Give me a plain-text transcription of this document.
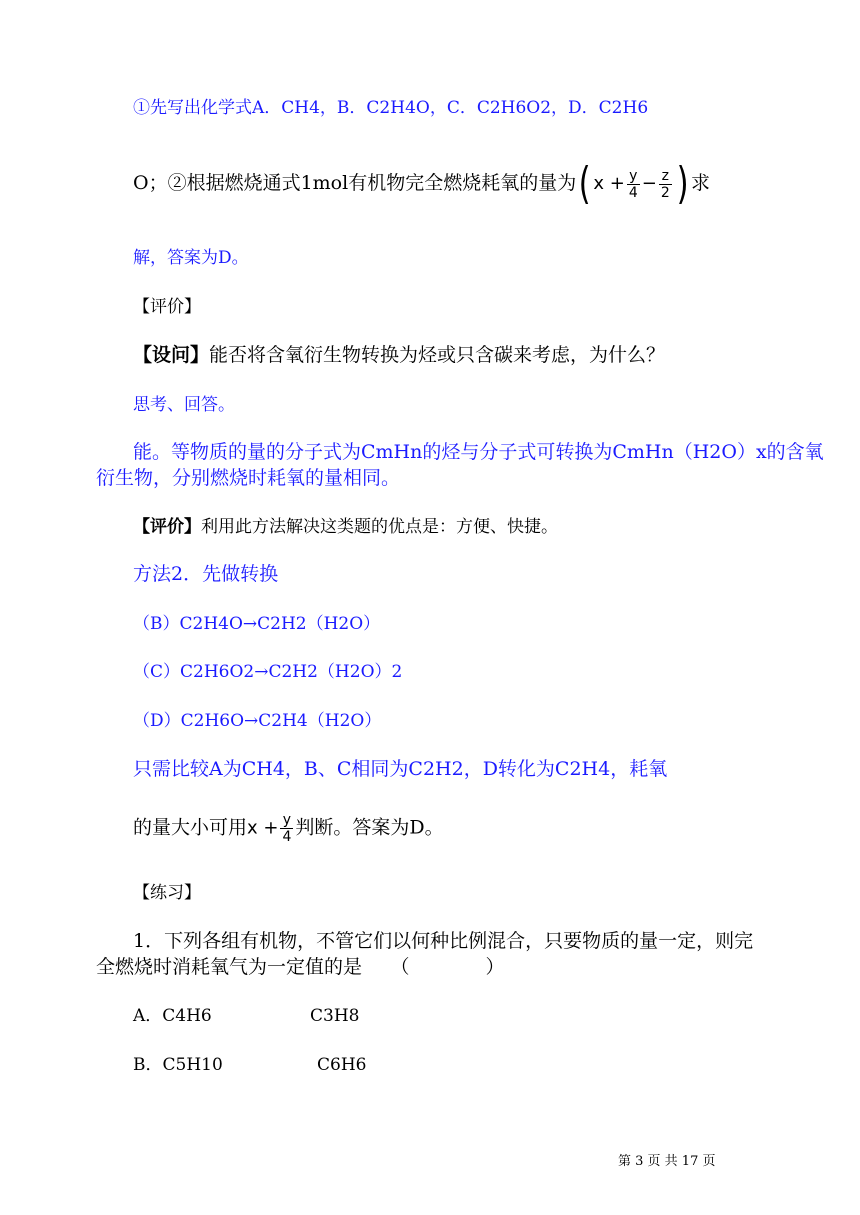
①先写出化学式A．CH4，B．C2H4O，C．C2H6O2，D．C2H6
O；②根据燃烧通式1mol有机物完全燃烧耗氧的量为( $x + \frac{y}{4} - \frac{z}{2}$ ) 求
解，答案为D。
【评价】
【设问】能否将含氧衍生物转换为烃或只含碳来考虑，为什么？
思考、回答。
能。等物质的量的分子式为CmHn的烃与分子式可转换为CmHn（H2O）x的含氧
衍生物，分别燃烧时耗氧的量相同。
【评价】利用此方法解决这类题的优点是：方便、快捷。
方法2．先做转换
（B）C2H4O→C2H2（H2O）
（C）C2H6O2→C2H2（H2O）2
（D）C2H6O→C2H4（H2O）
只需比较A为CH4，B、C相同为C2H2，D转化为C2H4，耗氧
的量大小可用$x + \frac{y}{4}$ 判断。答案为D。
【练习】
1．下列各组有机物，不管它们以何种比例混合，只要物质的量一定，则完
全燃烧时消耗氧气为一定值的是　　（　　　　）
A．C4H6	C3H8
B．C5H10	C6H6
第 3 页 共 17 页
